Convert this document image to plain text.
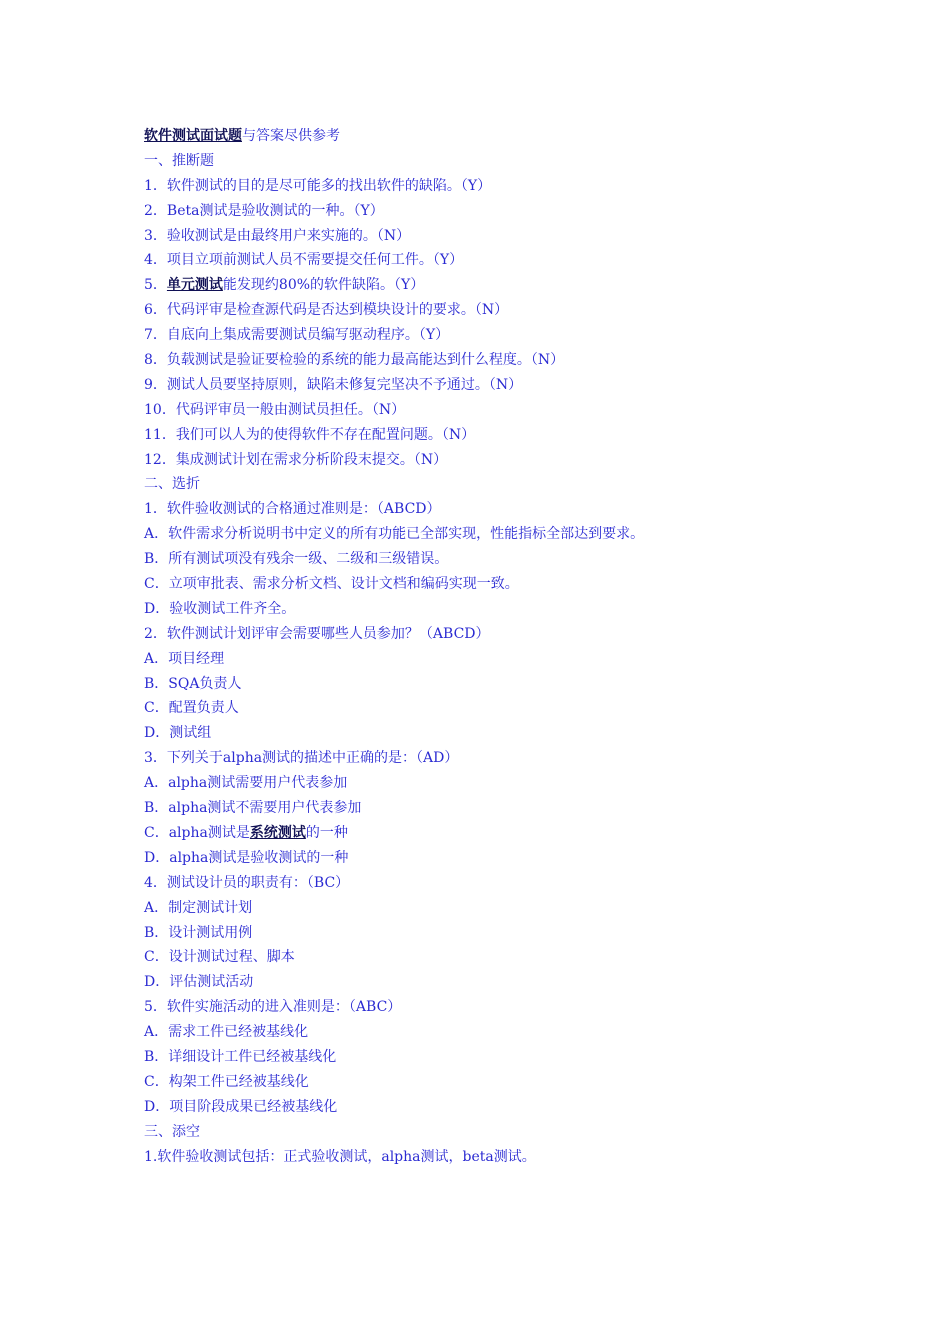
软件测试面试题与答案尽供参考
一、推断题
1．软件测试的目的是尽可能多的找出软件的缺陷。（Y）
2．Beta测试是验收测试的一种。（Y）
3．验收测试是由最终用户来实施的。（N）
4．项目立项前测试人员不需要提交任何工件。（Y）
5．单元测试能发现约80%的软件缺陷。（Y）
6．代码评审是检查源代码是否达到模块设计的要求。（N）
7．自底向上集成需要测试员编写驱动程序。（Y）
8．负载测试是验证要检验的系统的能力最高能达到什么程度。（N）
9．测试人员要坚持原则，缺陷未修复完坚决不予通过。（N）
10．代码评审员一般由测试员担任。（N）
11．我们可以人为的使得软件不存在配置问题。（N）
12．集成测试计划在需求分析阶段末提交。（N）
二、选折
1．软件验收测试的合格通过准则是：（ABCD）
A．软件需求分析说明书中定义的所有功能已全部实现，性能指标全部达到要求。
B．所有测试项没有残余一级、二级和三级错误。
C．立项审批表、需求分析文档、设计文档和编码实现一致。
D．验收测试工件齐全。
2．软件测试计划评审会需要哪些人员参加？（ABCD）
A．项目经理
B．SQA负责人
C．配置负责人
D．测试组
3．下列关于alpha测试的描述中正确的是：（AD）
A．alpha测试需要用户代表参加
B．alpha测试不需要用户代表参加
C．alpha测试是系统测试的一种
D．alpha测试是验收测试的一种
4．测试设计员的职责有：（BC）
A．制定测试计划
B．设计测试用例
C．设计测试过程、脚本
D．评估测试活动
5．软件实施活动的进入准则是：（ABC）
A．需求工件已经被基线化
B．详细设计工件已经被基线化
C．构架工件已经被基线化
D．项目阶段成果已经被基线化
三、添空
1.软件验收测试包括：正式验收测试，alpha测试，beta测试。
